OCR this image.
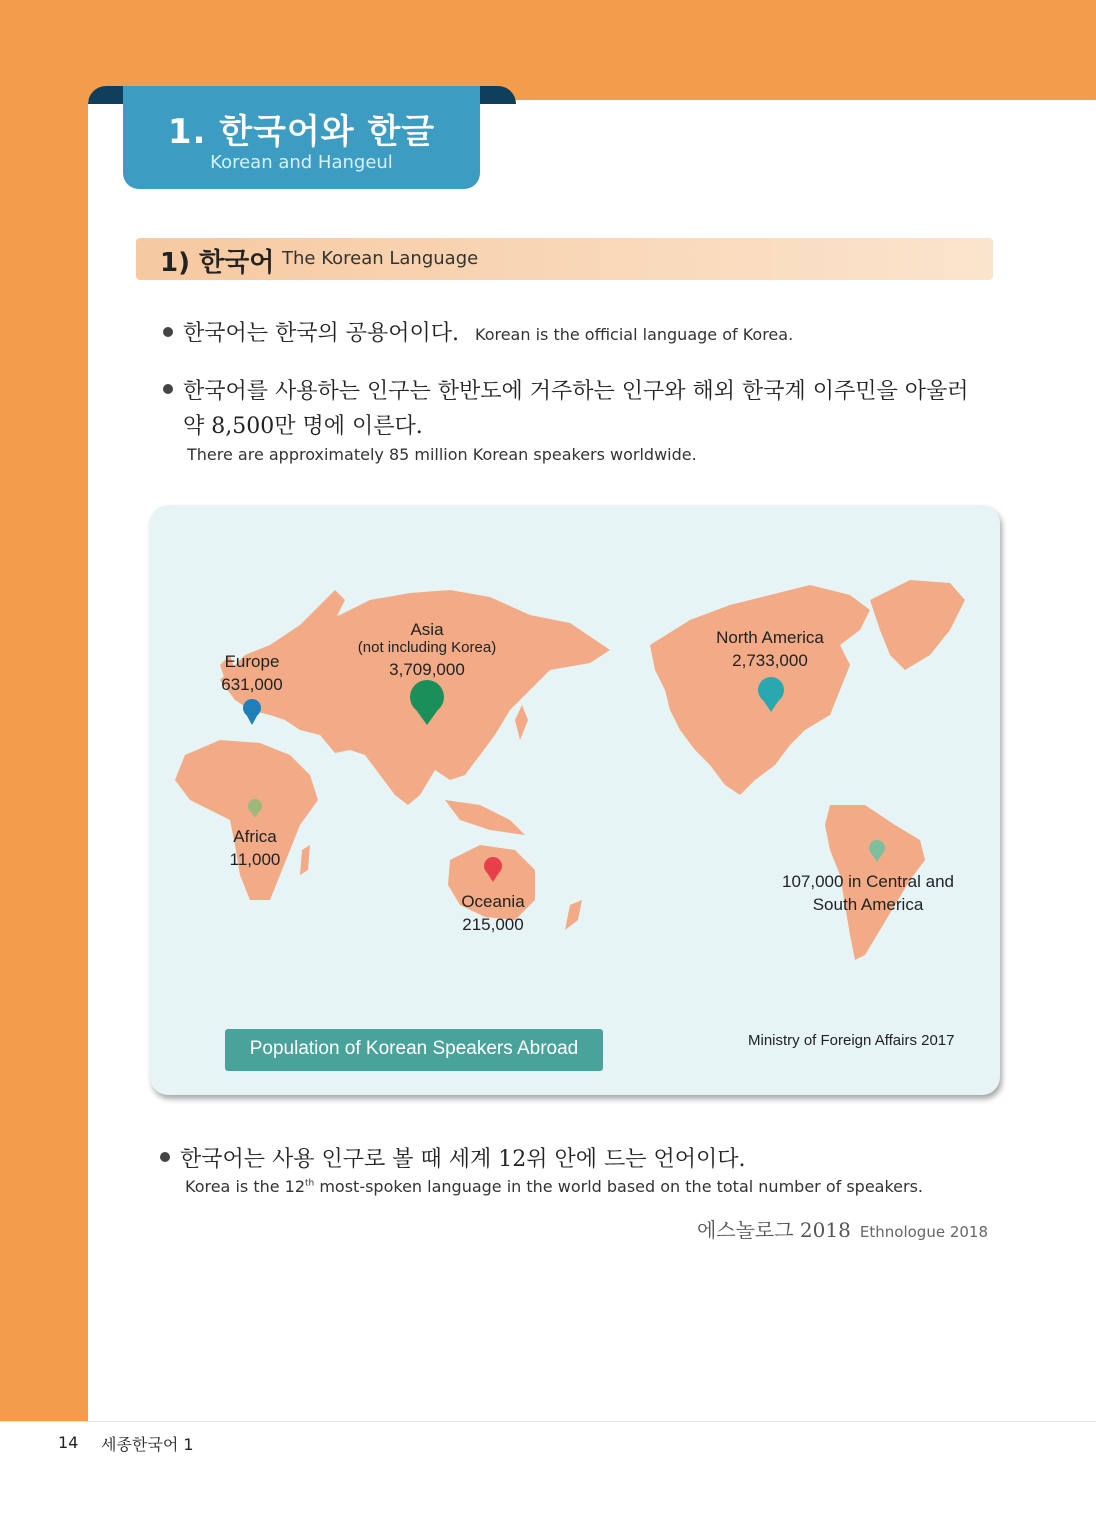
1. 한국어와 한글
Korean and Hangeul
1) 한국어 The Korean Language
한국어는 한국의 공용어이다. Korean is the official language of Korea.
한국어를 사용하는 인구는 한반도에 거주하는 인구와 해외 한국계 이주민을 아울러
약 8,500만 명에 이른다.
There are approximately 85 million Korean speakers worldwide.
Europe
631,000
Asia
(not including Korea)
3,709,000
North America
2,733,000
Africa
11,000
Oceania
215,000
107,000 in Central and
South America
Population of Korean Speakers Abroad	Ministry of Foreign Affairs 2017
한국어는 사용 인구로 볼 때 세계 12위 안에 드는 언어이다.
Korea is the 12th most-spoken language in the world based on the total number of speakers.
에스놀로그 2018 Ethnologue 2018
14 세종한국어 1
